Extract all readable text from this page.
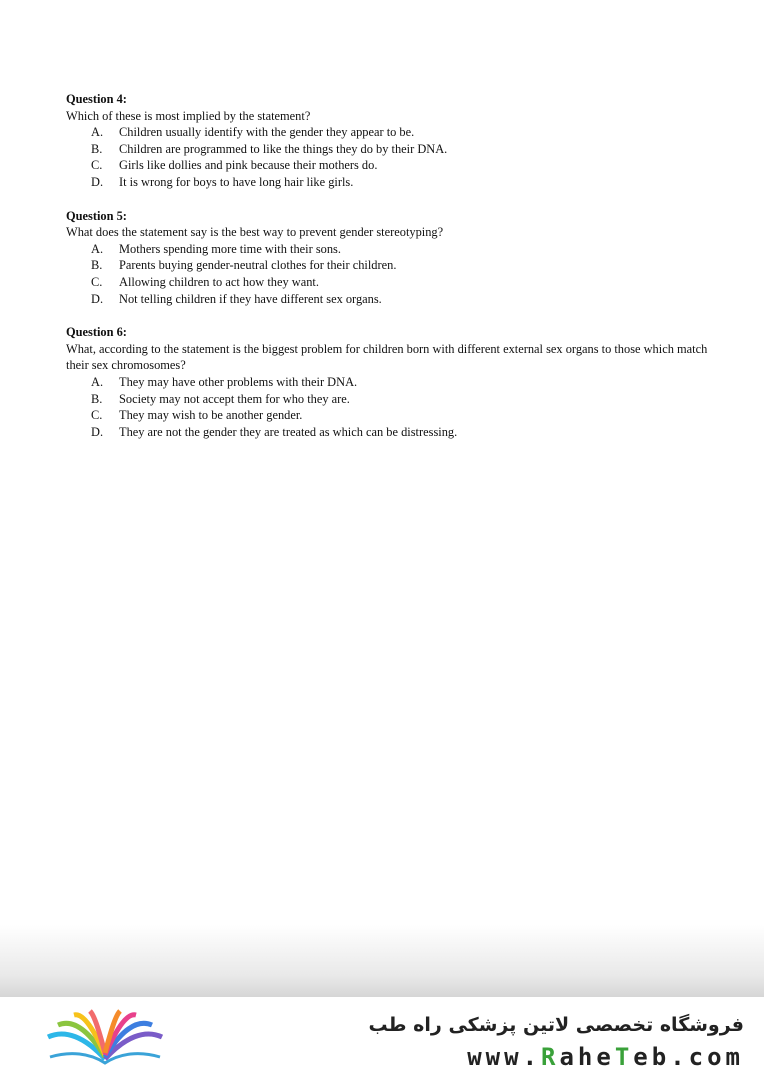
Question 4:
Which of these is most implied by the statement?
A.	Children usually identify with the gender they appear to be.
B.	Children are programmed to like the things they do by their DNA.
C.	Girls like dollies and pink because their mothers do.
D.	It is wrong for boys to have long hair like girls.
Question 5:
What does the statement say is the best way to prevent gender stereotyping?
A.	Mothers spending more time with their sons.
B.	Parents buying gender-neutral clothes for their children.
C.	Allowing children to act how they want.
D.	Not telling children if they have different sex organs.
Question 6:
What, according to the statement is the biggest problem for children born with different external sex organs to those which match their sex chromosomes?
A.	They may have other problems with their DNA.
B.	Society may not accept them for who they are.
C.	They may wish to be another gender.
D.	They are not the gender they are treated as which can be distressing.
فروشگاه تخصصی لاتین پزشکی راه طب
www.RaheTeb.com
